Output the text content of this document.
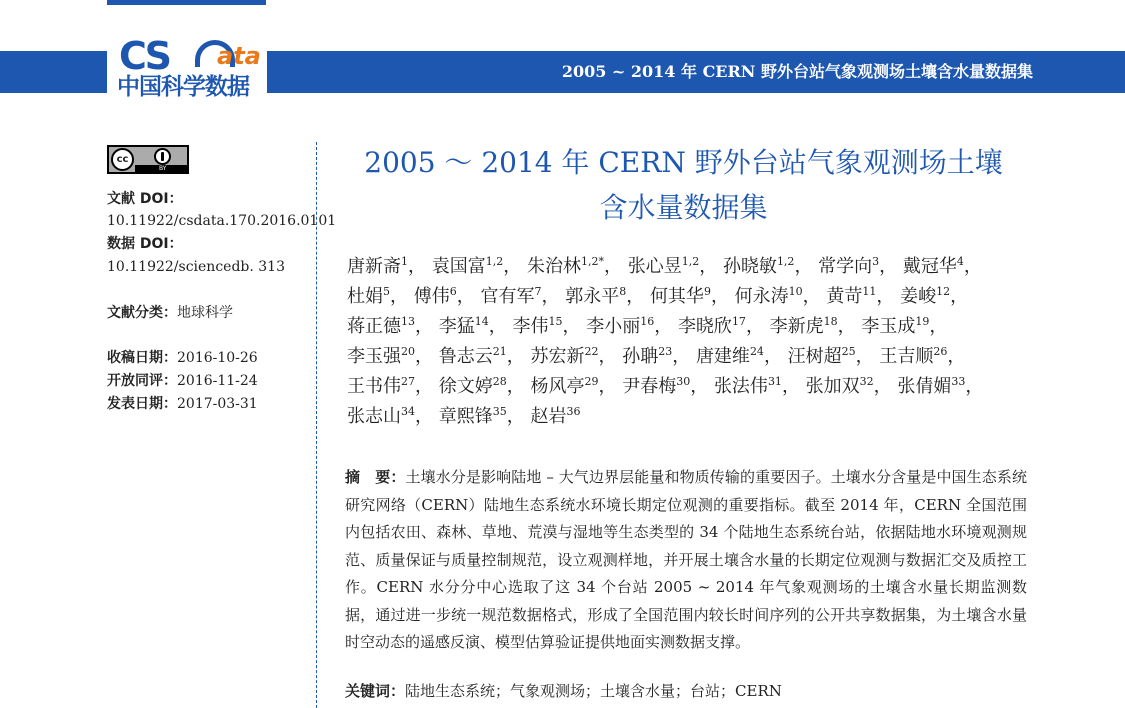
2005 ~ 2014 年 CERN 野外台站气象观测场土壤含水量数据集
CS ata
中国科学数据
cc
BY
文献 DOI：
10.11922/csdata.170.2016.0101
数据 DOI：
10.11922/sciencedb. 313
文献分类：地球科学
收稿日期：2016-10-26
开放同评：2016-11-24
发表日期：2017-03-31
2005 ～ 2014 年 CERN 野外台站气象观测场土壤
含水量数据集
唐新斋$^1$， 袁国富$^{1,2}$， 朱治林$^{1,2*}$， 张心昱$^{1,2}$， 孙晓敏$^{1,2}$， 常学向$^3$， 戴冠华$^4$， 杜娟$^5$， 傅伟$^6$， 官有军$^7$， 郭永平$^8$， 何其华$^9$， 何永涛$^{10}$， 黄苛$^{11}$， 姜峻$^{12}$， 蒋正德$^{13}$， 李猛$^{14}$， 李伟$^{15}$， 李小丽$^{16}$， 李晓欣$^{17}$， 李新虎$^{18}$， 李玉成$^{19}$， 李玉强$^{20}$， 鲁志云$^{21}$， 苏宏新$^{22}$， 孙聃$^{23}$， 唐建维$^{24}$， 汪树超$^{25}$， 王吉顺$^{26}$， 王书伟$^{27}$， 徐文婷$^{28}$， 杨风亭$^{29}$， 尹春梅$^{30}$， 张法伟$^{31}$， 张加双$^{32}$， 张倩媚$^{33}$， 张志山$^{34}$， 章熙锋$^{35}$， 赵岩$^{36}$
摘　要：土壤水分是影响陆地 – 大气边界层能量和物质传输的重要因子。土壤水分含量是中国生态系统研究网络（CERN）陆地生态系统水环境长期定位观测的重要指标。截至 2014 年，CERN 全国范围内包括农田、森林、草地、荒漠与湿地等生态类型的 34 个陆地生态系统台站，依据陆地水环境观测规范、质量保证与质量控制规范，设立观测样地，并开展土壤含水量的长期定位观测与数据汇交及质控工作。CERN 水分分中心选取了这 34 个台站 2005 ~ 2014 年气象观测场的土壤含水量长期监测数据，通过进一步统一规范数据格式，形成了全国范围内较长时间序列的公开共享数据集，为土壤含水量时空动态的遥感反演、模型估算验证提供地面实测数据支撑。
关键词：陆地生态系统；气象观测场；土壤含水量；台站；CERN
